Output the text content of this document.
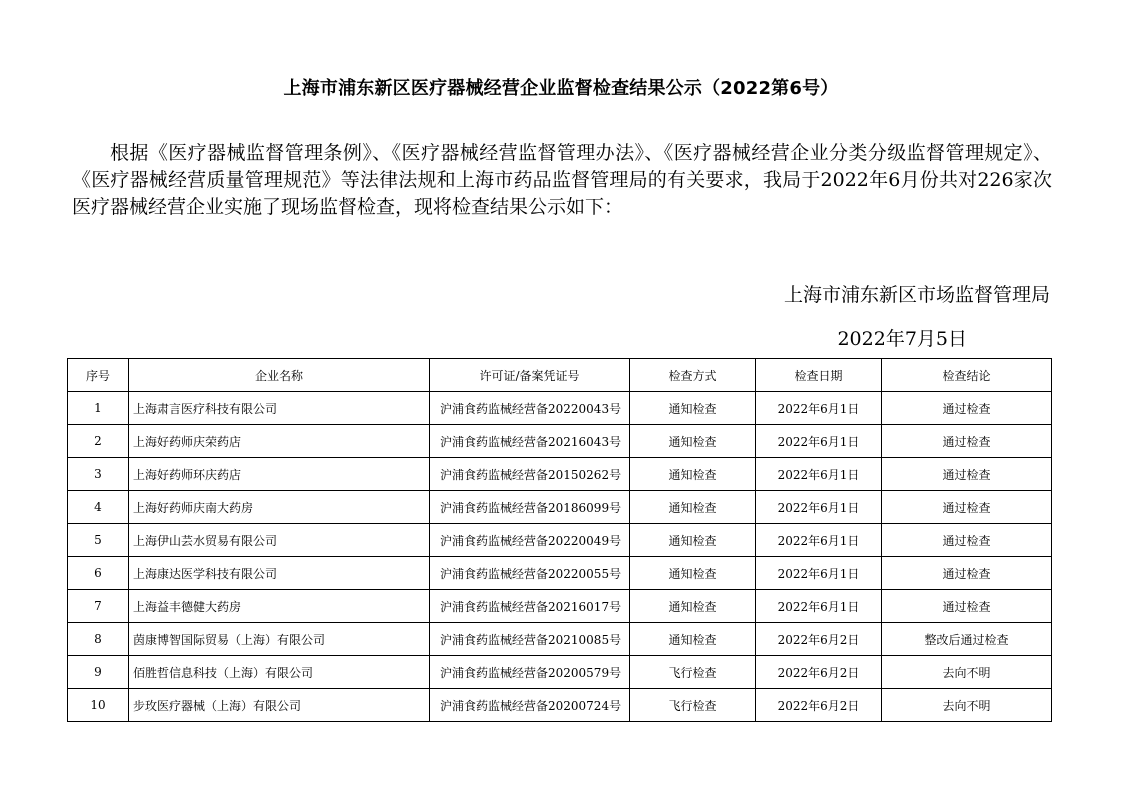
上海市浦东新区医疗器械经营企业监督检查结果公示（2022第6号）

根据《医疗器械监督管理条例》、《医疗器械经营监督管理办法》、《医疗器械经营企业分类分级监督管理规定》、《医疗器械经营质量管理规范》等法律法规和上海市药品监督管理局的有关要求，我局于2022年6月份共对226家次医疗器械经营企业实施了现场监督检查，现将检查结果公示如下：

上海市浦东新区市场监督管理局
2022年7月5日
序号	企业名称	许可证/备案凭证号	检查方式	检查日期	检查结论
1	上海肃言医疗科技有限公司	沪浦食药监械经营备20220043号	通知检查	2022年6月1日	通过检查
2	上海好药师庆荣药店	沪浦食药监械经营备20216043号	通知检查	2022年6月1日	通过检查
3	上海好药师环庆药店	沪浦食药监械经营备20150262号	通知检查	2022年6月1日	通过检查
4	上海好药师庆南大药房	沪浦食药监械经营备20186099号	通知检查	2022年6月1日	通过检查
5	上海伊山芸水贸易有限公司	沪浦食药监械经营备20220049号	通知检查	2022年6月1日	通过检查
6	上海康达医学科技有限公司	沪浦食药监械经营备20220055号	通知检查	2022年6月1日	通过检查
7	上海益丰德健大药房	沪浦食药监械经营备20216017号	通知检查	2022年6月1日	通过检查
8	茵康博智国际贸易（上海）有限公司	沪浦食药监械经营备20210085号	通知检查	2022年6月2日	整改后通过检查
9	佰胜哲信息科技（上海）有限公司	沪浦食药监械经营备20200579号	飞行检查	2022年6月2日	去向不明
10	步玫医疗器械（上海）有限公司	沪浦食药监械经营备20200724号	飞行检查	2022年6月2日	去向不明
